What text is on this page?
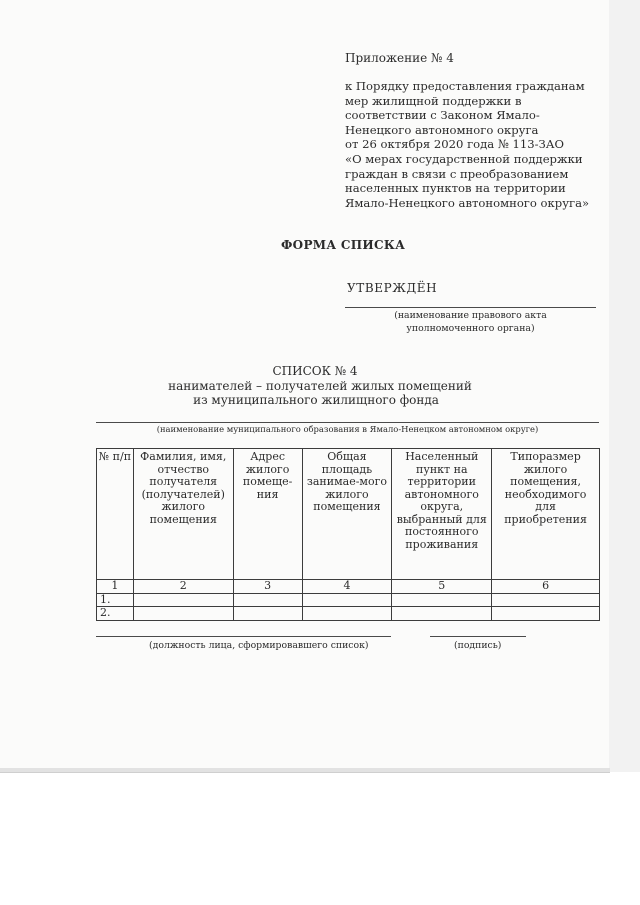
Приложение № 4

к Порядку предоставления гражданам
мер жилищной поддержки в
соответствии с Законом Ямало-
Ненецкого автономного округа
от 26 октября 2020 года № 113-ЗАО
«О мерах государственной поддержки
граждан в связи с преобразованием
населенных пунктов на территории
Ямало-Ненецкого автономного округа»

ФОРМА СПИСКА

УТВЕРЖДЁН

(наименование правового акта
уполномоченного органа)
СПИСОК № 4
нанимателей – получателей жилых помещений
из муниципального жилищного фонда
(наименование муниципального образования в Ямало-Ненецком автономном округе)
№ п/п	Фамилия, имя, отчество получателя (получателей) жилого помещения	Адрес жилого помеще-ния	Общая площадь занимае-мого жилого помещения	Населенный пункт на территории автономного округа, выбранный для постоянного проживания	Типоразмер жилого помещения, необходимого для приобретения
1	2	3	4	5	6
1.					
2.					

(должность лица, сформировавшего список)	(подпись)
